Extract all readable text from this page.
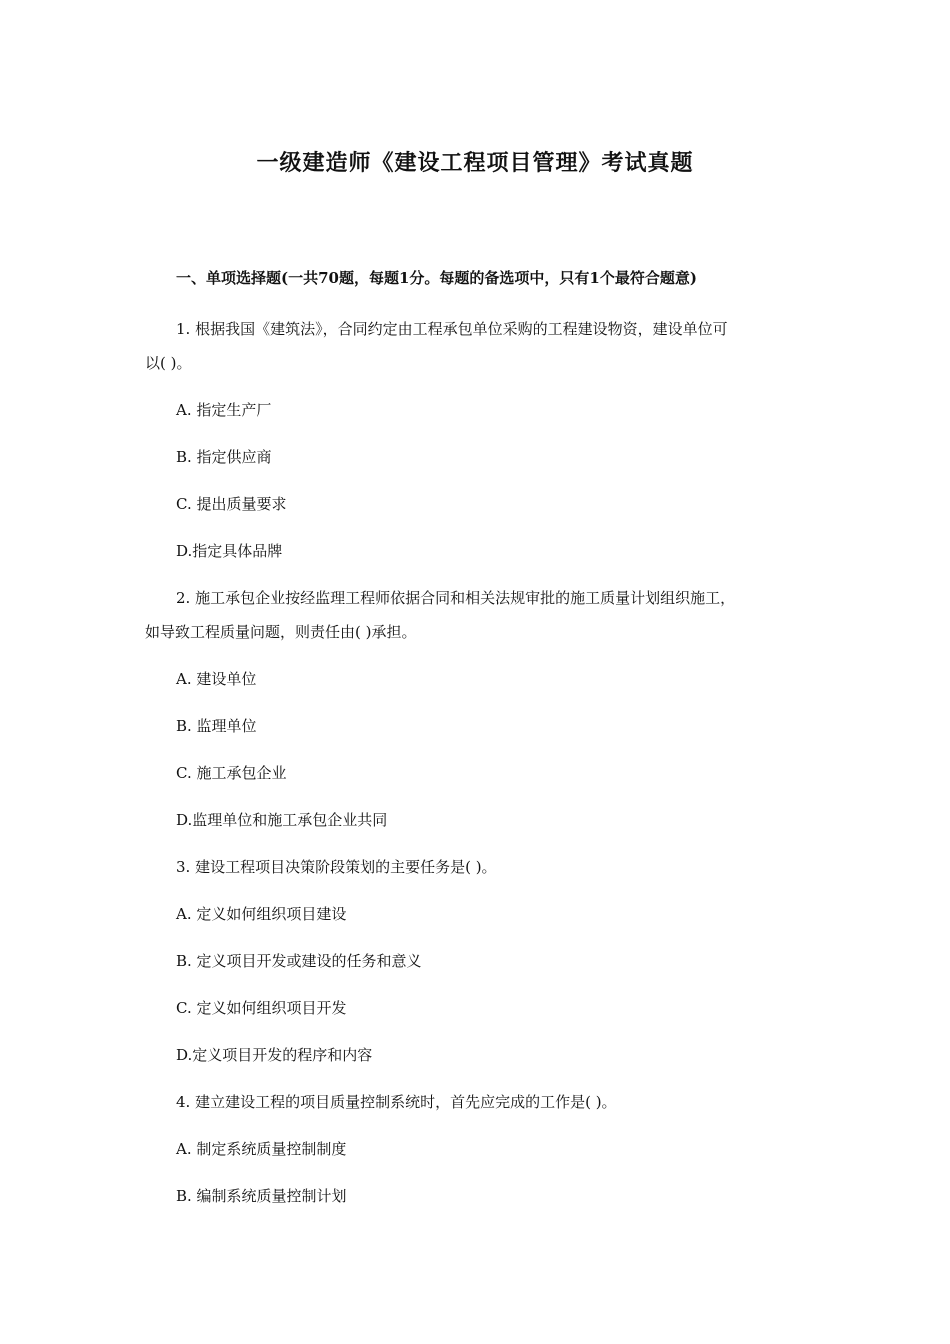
一级建造师《建设工程项目管理》考试真题
一、单项选择题(一共70题，每题1分。每题的备选项中，只有1个最符合题意)
1. 根据我国《建筑法》，合同约定由工程承包单位采购的工程建设物资，建设单位可
以( )。
A. 指定生产厂
B. 指定供应商
C. 提出质量要求
D.指定具体品牌
2. 施工承包企业按经监理工程师依据合同和相关法规审批的施工质量计划组织施工，
如导致工程质量问题，则责任由( )承担。
A. 建设单位
B. 监理单位
C. 施工承包企业
D.监理单位和施工承包企业共同
3. 建设工程项目决策阶段策划的主要任务是( )。
A. 定义如何组织项目建设
B. 定义项目开发或建设的任务和意义
C. 定义如何组织项目开发
D.定义项目开发的程序和内容
4. 建立建设工程的项目质量控制系统时，首先应完成的工作是( )。
A. 制定系统质量控制制度
B. 编制系统质量控制计划
